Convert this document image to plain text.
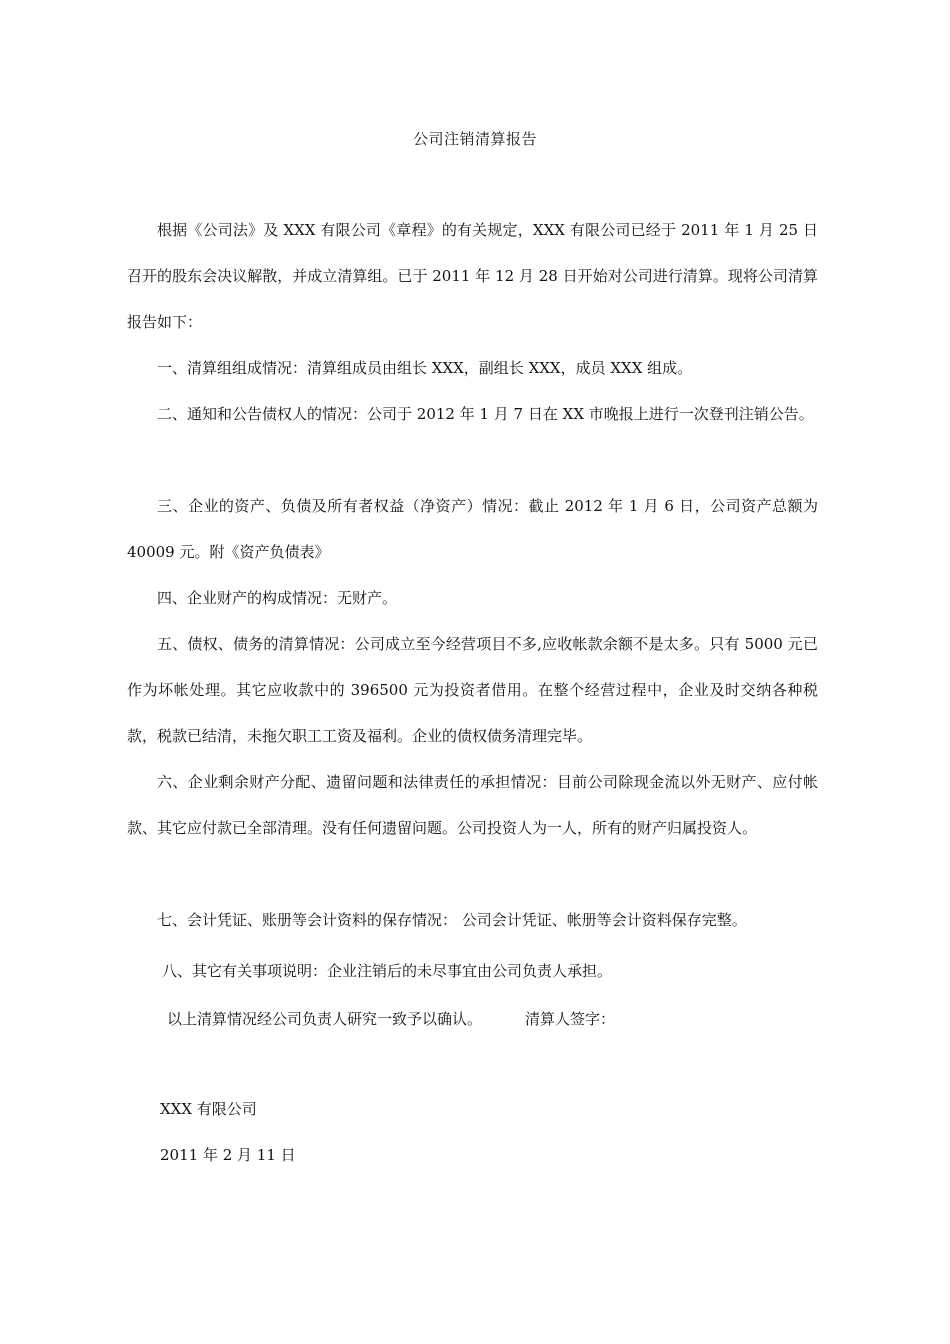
公司注销清算报告

根据《公司法》及 XXX 有限公司《章程》的有关规定，XXX 有限公司已经于 2011 年 1 月 25 日召开的股东会决议解散，并成立清算组。已于 2011 年 12 月 28 日开始对公司进行清算。现将公司清算报告如下：

一、清算组组成情况：清算组成员由组长 XXX，副组长 XXX，成员 XXX 组成。

二、通知和公告债权人的情况：公司于 2012 年 1 月 7 日在 XX 市晚报上进行一次登刊注销公告。

三、企业的资产、负债及所有者权益（净资产）情况：截止 2012 年 1 月 6 日，公司资产总额为 40009 元。附《资产负债表》

四、企业财产的构成情况：无财产。

五、债权、债务的清算情况：公司成立至今经营项目不多,应收帐款余额不是太多。只有 5000 元已作为坏帐处理。其它应收款中的 396500 元为投资者借用。在整个经营过程中，企业及时交纳各种税款，税款已结清，未拖欠职工工资及福利。企业的债权债务清理完毕。

六、企业剩余财产分配、遗留问题和法律责任的承担情况：目前公司除现金流以外无财产、应付帐款、其它应付款已全部清理。没有任何遗留问题。公司投资人为一人，所有的财产归属投资人。

七、会计凭证、账册等会计资料的保存情况： 公司会计凭证、帐册等会计资料保存完整。

八、其它有关事项说明：企业注销后的未尽事宜由公司负责人承担。

以上清算情况经公司负责人研究一致予以确认。	清算人签字：

XXX 有限公司

2011 年 2 月 11 日
